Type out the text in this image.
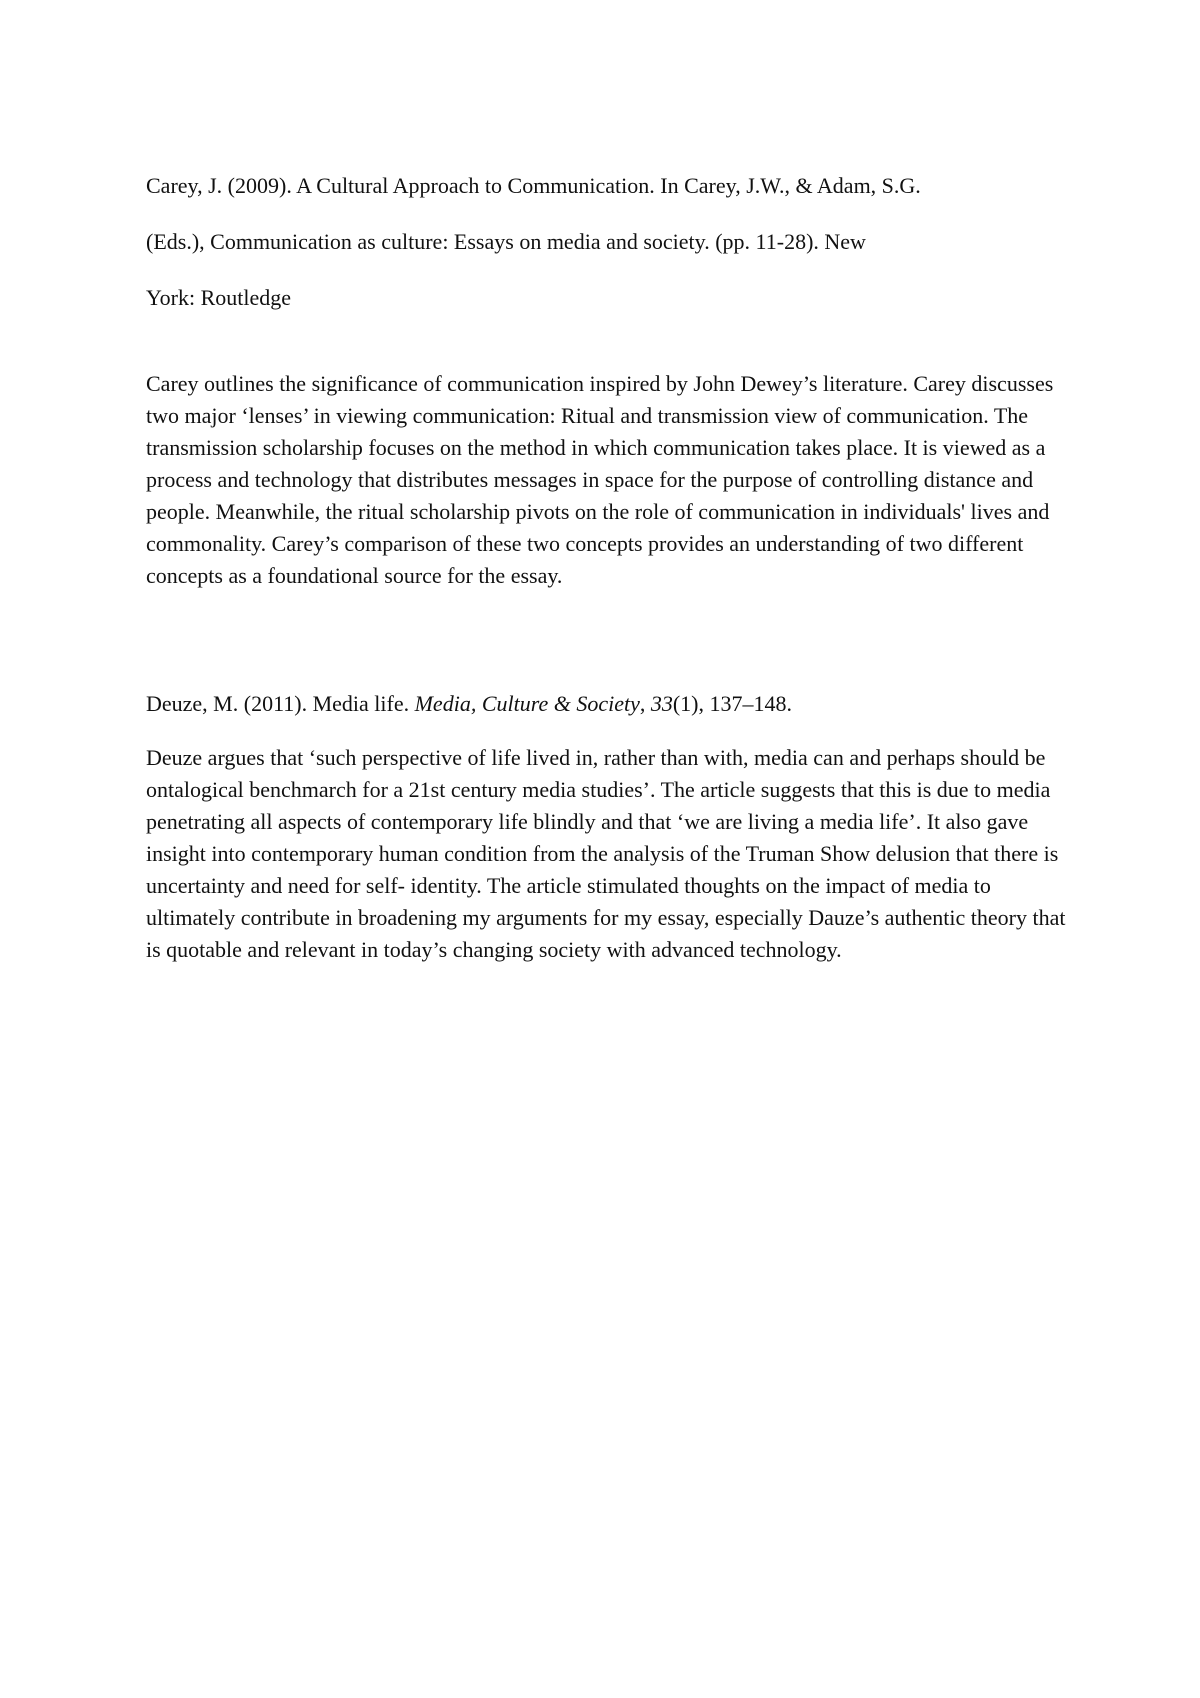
Carey, J. (2009). A Cultural Approach to Communication. In Carey, J.W., & Adam, S.G.

(Eds.), Communication as culture: Essays on media and society. (pp. 11-28). New

York: Routledge

Carey outlines the significance of communication inspired by John Dewey’s literature. Carey discusses two major ‘lenses’ in viewing communication: Ritual and transmission view of communication. The transmission scholarship focuses on the method in which communication takes place. It is viewed as a process and technology that distributes messages in space for the purpose of controlling distance and people. Meanwhile, the ritual scholarship pivots on the role of communication in individuals' lives and commonality. Carey’s comparison of these two concepts provides an understanding of two different concepts as a foundational source for the essay.

Deuze, M. (2011). Media life. Media, Culture & Society, 33(1), 137–148.

Deuze argues that ‘such perspective of life lived in, rather than with, media can and perhaps should be ontalogical benchmarch for a 21st century media studies’. The article suggests that this is due to media penetrating all aspects of contemporary life blindly and that ‘we are living a media life’. It also gave insight into contemporary human condition from the analysis of the Truman Show delusion that there is uncertainty and need for self- identity. The article stimulated thoughts on the impact of media to ultimately contribute in broadening my arguments for my essay, especially Dauze’s authentic theory that is quotable and relevant in today’s changing society with advanced technology.
